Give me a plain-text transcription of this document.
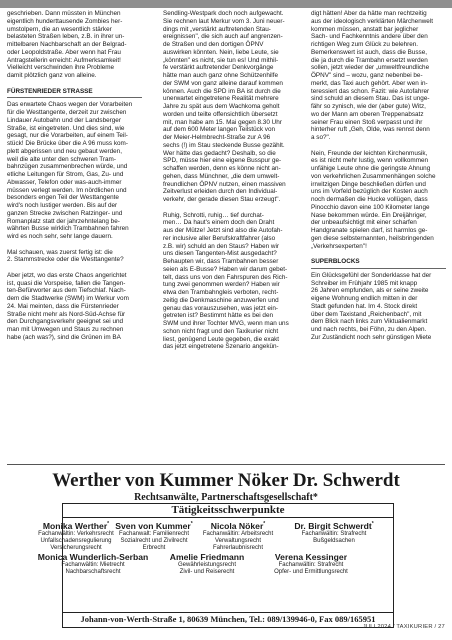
geschrieben. Dann müssten in München

eigentlich hunderttausende Zombies her-

umstolpern, die an wesentlich stärker

belasteten Straßen leben, z.B. in ihrer un-

mittelbaren Nachbarschaft an der Belgrad-

oder Leopoldstraße. Aber wenn hat Frau

Antragstellerin erreicht: Aufmerksamkeit!

Vielleicht verschwinden ihre Probleme

damit plötzlich ganz von alleine.

FÜRSTENRIEDER STRASSE

Das erwartete Chaos wegen der Vorarbeiten

für die Westtangente, derzeit zur zwischen

Lindauer Autobahn und der Landsberger

Straße, ist eingetreten. Und dies sind, wie

gesagt, nur die Vorarbeiten, auf einem Teil-

stück! Die Brücke über die A 96 muss kom-

plett abgerissen und neu gebaut werden,

weil die alte unter den schweren Tram-

bahnzügen zusammenbrechen würde, und

etliche Leitungen für Strom, Gas, Zu- und

Abwasser, Telefon oder was-auch-immer

müssen verlegt werden. Im nördlichen und

besonders engen Teil der Westtangente

wird's noch lustiger werden. Bis auf der

ganzen Strecke zwischen Ratzinger- und

Romanplatz statt der jahrzehntelang be-

währten Busse wirklich Trambahnen fahren

wird es noch sehr, sehr lange dauern.

Mal schauen, was zuerst fertig ist: die

2. Stammstrecke oder die Westtangente?

Aber jetzt, wo das erste Chaos angerichtet

ist, quasi die Vorspeise, fallen die Tangen-

ten-Befürworter aus dem Tiefschlaf. Nach-

dem die Stadtwerke (SWM) im Werkur vom

24. Mai meinten, dass die Fürstenrieder

Straße nicht mehr als Nord-Süd-Achse für

den Durchgangsverkehr geeignet sei und

man mit Umwegen und Staus zu rechnen

habe (ach was?), sind die Grünen im BA

Sendling-Westpark doch noch aufgewacht.

Sie rechnen laut Merkur vom 3. Juni neuer-

dings mit „verstärkt auftretenden Stau-

ereignissen", die sich auch auf angrenzen-

de Straßen und den dortigen ÖPNV

auswirken könnten. Nein, liebe Leute, sie

„könnten" es nicht, sie tun es! Und mithil-

fe verstärkt auftretender Denkvorgänge

hätte man auch ganz ohne Schützenhilfe

der SWM von ganz alleine darauf kommen

können. Auch die SPD im BA ist durch die

unerwartet eingetretene Realität mehrere

Jahre zu spät aus dem Wachkoma geholt

worden und teilte offensichtlich übersetzt

mit, man habe am 15. Mai gegen 8.30 Uhr

auf dem 600 Meter langen Teilstück von

der Meier-Helmbrecht-Straße zur A 96

sechs (!) im Stau steckende Busse gezählt.

Wer hätte das gedacht? Deshalb, so die

SPD, müsse hier eine eigene Busspur ge-

schaffen werden, denn es könne nicht an-

gehen, dass Münchner, „die dem umwelt-

freundlichen ÖPNV nutzen, einen massiven

Zeitverlust erleiden durch den Individual-

verkehr, der gerade diesen Stau erzeugt".

Ruhig, Schrotti, ruhig… tief durchat-

men… Da haut's einem doch den Draht

aus der Mütze! Jetzt sind also die Autofah-

rer inclusive aller Berufskraftfahrer (also

z.B. wir) schuld an den Staus? Haben wir

uns diesen Tangenten-Mist ausgedacht?

Behaupten wir, dass Trambahnen besser

seien als E-Busse? Haben wir darum gebet-

telt, dass uns von den Fahrspuren des Rich-

tung zwei genommen werden? Haben wir

etwa den Trambahngleis verboten, recht-

zeitig die Denkmaschine anzuwerfen und

genau das vorauszusehen, was jetzt ein-

getreten ist? Bestimmt hätte es bei den

SWM und ihrer Tochter MVG, wenn man uns

schon nicht fragt und den Taxikurier nicht

liest, genügend Leute gegeben, die exakt

das jetzt eingetretene Szenario angekün-

digt hätten! Aber da hätte man rechtzeitig

aus der ideologisch verklärten Märchenwelt

kommen müssen, anstatt bar jeglicher

Sach- und Fachkenntnis andere über den

richtigen Weg zum Glück zu belehren.

Bemerkenswert ist auch, dass die Busse,

die ja durch die Trambahn ersetzt werden

sollen, jetzt wieder der „umweltfreundliche

ÖPNV" sind – wozu, ganz nebenbei be-

merkt, das Taxi auch gehört. Aber wen in-

teressiert das schon. Fazit: wie Autofahrer

sind schuld an diesem Stau. Das ist unge-

fähr so zynisch, wie der (aber gute) Witz,

wo der Mann am oberen Treppenabsatz

seiner Frau einen Stoß verpasst und ihr

hinterher ruft „Geh, Olde, was rennst denn

a so?".

Nein, Freunde der leichten Kirchenmusik,

es ist nicht mehr lustig, wenn vollkommen

unfähige Leute ohne die geringste Ahnung

von verkehrlichen Zusammenhängen solche

irrwitzigen Dinge beschließen dürfen und

uns im Vorfeld bezüglich der Kosten auch

noch dermaßen die Hucke vollügen, dass

Pinocchio davon eine 100 Kilometer lange

Nase bekommen würde. Ein Dreijähriger,

der unbeaufsichtigt mit einer scharfen

Handgranate spielen darf, ist harmlos ge-

gen diese selbsternannten, heilsbringenden

„Verkehrsexperten"!

SUPERBLOCKS

Ein Glücksgefühl der Sonderklasse hat der

Schreiber im Frühjahr 1985 mit knapp

26 Jahren empfunden, als er seine zweite

eigene Wohnung endlich mitten in der

Stadt gefunden hat. Im 4. Stock direkt

über dem Taxistand „Reichenbach", mit

dem Blick nach links zum Viktualienmarkt

und nach rechts, bei Föhn, zu den Alpen.

Zur Zuständicht noch sehr günstigen Miete

Werther von Kummer Nöker Dr. Schwerdt
Rechtsanwälte, Partnerschaftsgesellschaft*
Tätigkeitsschwerpunkte
Monika Werther*
Fachanwältin: Verkehrsrecht
Unfallschadensregulierung
Versicherungsrecht
Sven von Kummer*
Fachanwalt: Familienrecht
Sozialrecht und Zivilrecht
Erbrecht
Nicola Nöker*
Fachanwältin: Arbeitsrecht
Verwaltungsrecht
Fahrerlaubnisrecht
Dr. Birgit Schwerdt*
Fachanwältin: Strafrecht
Bußgeldsachen
Monica Wunderlich-Serban
Fachanwältin: Mietrecht
Nachbarschaftsrecht
Amelie Friedmann
Gewährleistungsrecht
Zivil- und Reiserecht
Verena Kessinger
Fachanwältin: Strafrecht
Opfer- und Ermittlungsrecht
Johann-von-Werth-Straße 1, 80639 München, Tel.: 089/139946-0, Fax 089/165951
JULI 2024 / TAXIKURIER / 27
